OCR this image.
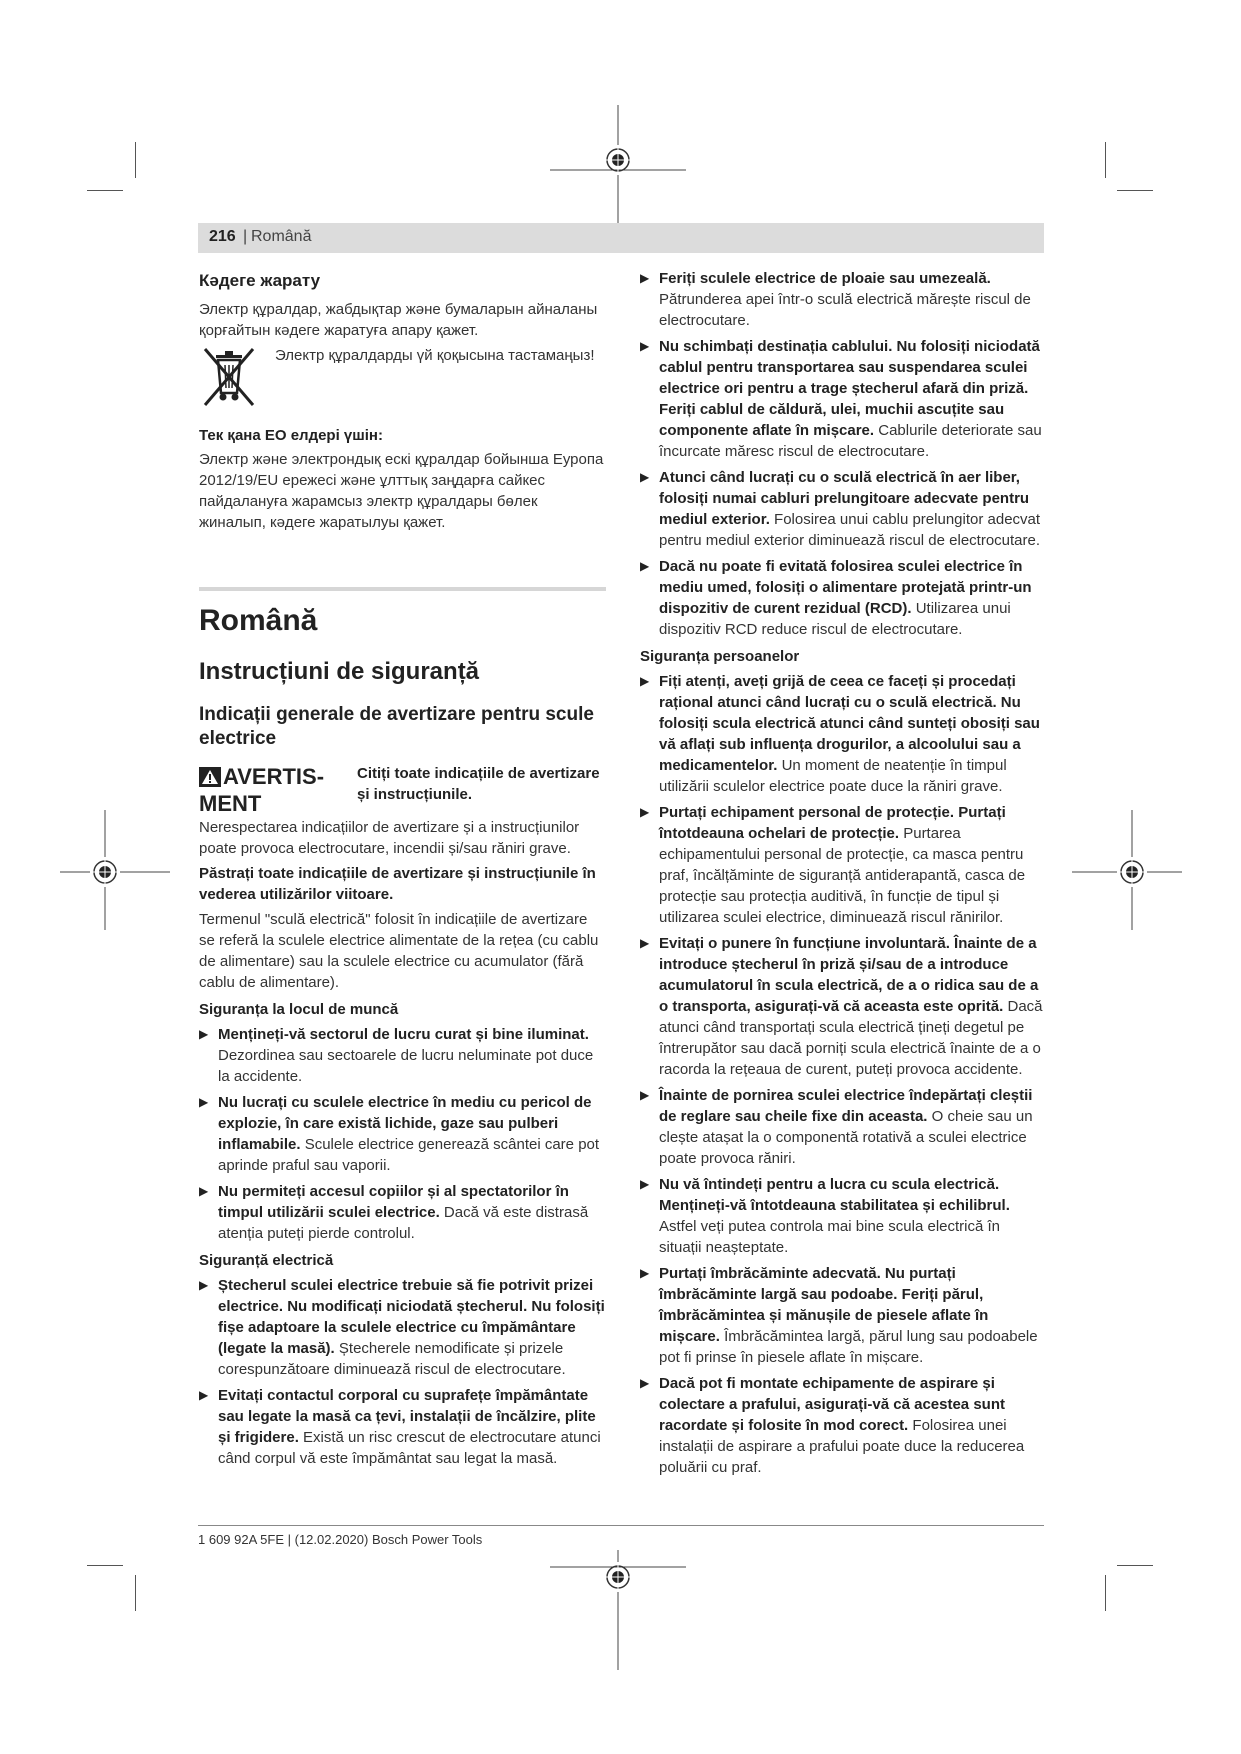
216 | Română

Кәдеге жарату

Электр құралдар, жабдықтар және бумаларын айналаны қорғайтын кәдеге жаратуға апару қажет.

Электр құралдарды үй қоқысына тастамаңыз!

Тек қана ЕО елдері үшін:

Электр және электрондық ескі құралдар бойынша Еуропа 2012/19/EU ережесі және ұлттық заңдарға сайкес пайдалануға жарамсыз электр құралдары бөлек жиналып, кәдеге жаратылуы қажет.

Română

Instrucțiuni de siguranță

Indicații generale de avertizare pentru scule electrice

AVERTIS-MENT
Citiți toate indicațiile de avertizare și instrucțiunile.

Nerespectarea indicațiilor de avertizare și a instrucțiunilor poate provoca electrocutare, incendii și/sau răniri grave.

Păstrați toate indicațiile de avertizare și instrucțiunile în vederea utilizărilor viitoare.

Termenul "sculă electrică" folosit în indicațiile de avertizare se referă la sculele electrice alimentate de la rețea (cu cablu de alimentare) sau la sculele electrice cu acumulator (fără cablu de alimentare).

Siguranța la locul de muncă

▶ Mențineți-vă sectorul de lucru curat și bine iluminat. Dezordinea sau sectoarele de lucru neluminate pot duce la accidente.
▶ Nu lucrați cu sculele electrice în mediu cu pericol de explozie, în care există lichide, gaze sau pulberi inflamabile. Sculele electrice generează scântei care pot aprinde praful sau vaporii.
▶ Nu permiteți accesul copiilor și al spectatorilor în timpul utilizării sculei electrice. Dacă vă este distrasă atenția puteți pierde controlul.

Siguranță electrică

▶ Ștecherul sculei electrice trebuie să fie potrivit prizei electrice. Nu modificați niciodată ștecherul. Nu folosiți fișe adaptoare la sculele electrice cu împământare (legate la masă). Ștecherele nemodificate și prizele corespunzătoare diminuează riscul de electrocutare.
▶ Evitați contactul corporal cu suprafețe împământate sau legate la masă ca țevi, instalații de încălzire, plite și frigidere. Există un risc crescut de electrocutare atunci când corpul vă este împământat sau legat la masă.
▶ Feriți sculele electrice de ploaie sau umezeală. Pătrunderea apei într-o sculă electrică mărește riscul de electrocutare.
▶ Nu schimbați destinația cablului. Nu folosiți niciodată cablul pentru transportarea sau suspendarea sculei electrice ori pentru a trage ștecherul afară din priză. Feriți cablul de căldură, ulei, muchii ascuțite sau componente aflate în mișcare. Cablurile deteriorate sau încurcate măresc riscul de electrocutare.
▶ Atunci când lucrați cu o sculă electrică în aer liber, folosiți numai cabluri prelungitoare adecvate pentru mediul exterior. Folosirea unui cablu prelungitor adecvat pentru mediul exterior diminuează riscul de electrocutare.
▶ Dacă nu poate fi evitată folosirea sculei electrice în mediu umed, folosiți o alimentare protejată printr-un dispozitiv de curent rezidual (RCD). Utilizarea unui dispozitiv RCD reduce riscul de electrocutare.

Siguranța persoanelor

▶ Fiți atenți, aveți grijă de ceea ce faceți și procedați rațional atunci când lucrați cu o sculă electrică. Nu folosiți scula electrică atunci când sunteți obosiți sau vă aflați sub influența drogurilor, a alcoolului sau a medicamentelor. Un moment de neatenție în timpul utilizării sculelor electrice poate duce la răniri grave.
▶ Purtați echipament personal de protecție. Purtați întotdeauna ochelari de protecție. Purtarea echipamentului personal de protecție, ca masca pentru praf, încălțăminte de siguranță antiderapantă, casca de protecție sau protecția auditivă, în funcție de tipul și utilizarea sculei electrice, diminuează riscul rănirilor.
▶ Evitați o punere în funcțiune involuntară. Înainte de a introduce ștecherul în priză și/sau de a introduce acumulatorul în scula electrică, de a o ridica sau de a o transporta, asigurați-vă că aceasta este oprită. Dacă atunci când transportați scula electrică țineți degetul pe întrerupător sau dacă porniți scula electrică înainte de a o racorda la rețeaua de curent, puteți provoca accidente.
▶ Înainte de pornirea sculei electrice îndepărtați cleștii de reglare sau cheile fixe din aceasta. O cheie sau un clește atașat la o componentă rotativă a sculei electrice poate provoca răniri.
▶ Nu vă întindeți pentru a lucra cu scula electrică. Mențineți-vă întotdeauna stabilitatea și echilibrul. Astfel veți putea controla mai bine scula electrică în situații neașteptate.
▶ Purtați îmbrăcăminte adecvată. Nu purtați îmbrăcăminte largă sau podoabe. Feriți părul, îmbrăcămintea și mănușile de piesele aflate în mișcare. Îmbrăcămintea largă, părul lung sau podoabele pot fi prinse în piesele aflate în mișcare.
▶ Dacă pot fi montate echipamente de aspirare și colectare a prafului, asigurați-vă că acestea sunt racordate și folosite în mod corect. Folosirea unei instalații de aspirare a prafului poate duce la reducerea poluării cu praf.
1 609 92A 5FE | (12.02.2020) Bosch Power Tools
